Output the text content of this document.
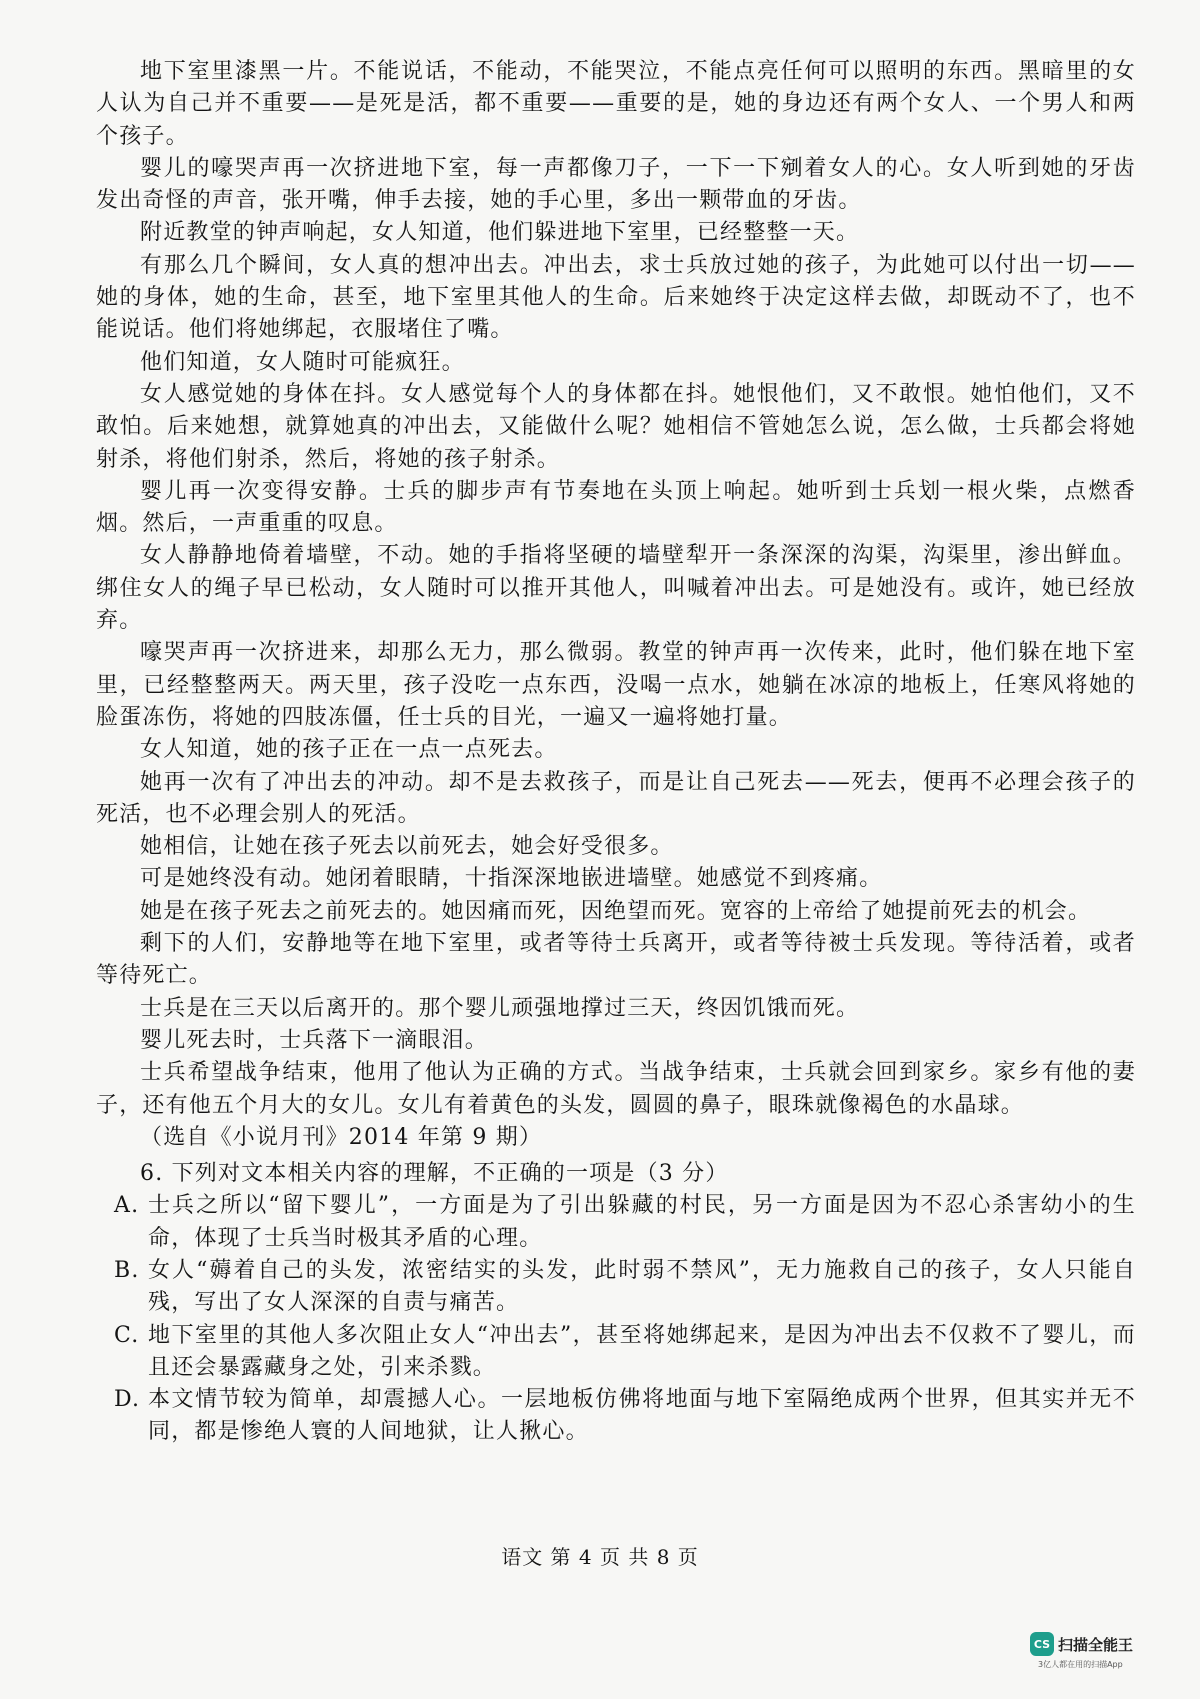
地下室里漆黑一片。不能说话，不能动，不能哭泣，不能点亮任何可以照明的东西。黑暗里的女人认为自己并不重要——是死是活，都不重要——重要的是，她的身边还有两个女人、一个男人和两个孩子。

婴儿的嚎哭声再一次挤进地下室，每一声都像刀子，一下一下剜着女人的心。女人听到她的牙齿发出奇怪的声音，张开嘴，伸手去接，她的手心里，多出一颗带血的牙齿。

附近教堂的钟声响起，女人知道，他们躲进地下室里，已经整整一天。

有那么几个瞬间，女人真的想冲出去。冲出去，求士兵放过她的孩子，为此她可以付出一切——她的身体，她的生命，甚至，地下室里其他人的生命。后来她终于决定这样去做，却既动不了，也不能说话。他们将她绑起，衣服堵住了嘴。

他们知道，女人随时可能疯狂。

女人感觉她的身体在抖。女人感觉每个人的身体都在抖。她恨他们，又不敢恨。她怕他们，又不敢怕。后来她想，就算她真的冲出去，又能做什么呢？她相信不管她怎么说，怎么做，士兵都会将她射杀，将他们射杀，然后，将她的孩子射杀。

婴儿再一次变得安静。士兵的脚步声有节奏地在头顶上响起。她听到士兵划一根火柴，点燃香烟。然后，一声重重的叹息。

女人静静地倚着墙壁，不动。她的手指将坚硬的墙壁犁开一条深深的沟渠，沟渠里，渗出鲜血。绑住女人的绳子早已松动，女人随时可以推开其他人，叫喊着冲出去。可是她没有。或许，她已经放弃。

嚎哭声再一次挤进来，却那么无力，那么微弱。教堂的钟声再一次传来，此时，他们躲在地下室里，已经整整两天。两天里，孩子没吃一点东西，没喝一点水，她躺在冰凉的地板上，任寒风将她的脸蛋冻伤，将她的四肢冻僵，任士兵的目光，一遍又一遍将她打量。

女人知道，她的孩子正在一点一点死去。

她再一次有了冲出去的冲动。却不是去救孩子，而是让自己死去——死去，便再不必理会孩子的死活，也不必理会别人的死活。

她相信，让她在孩子死去以前死去，她会好受很多。

可是她终没有动。她闭着眼睛，十指深深地嵌进墙壁。她感觉不到疼痛。

她是在孩子死去之前死去的。她因痛而死，因绝望而死。宽容的上帝给了她提前死去的机会。

剩下的人们，安静地等在地下室里，或者等待士兵离开，或者等待被士兵发现。等待活着，或者等待死亡。

士兵是在三天以后离开的。那个婴儿顽强地撑过三天，终因饥饿而死。

婴儿死去时，士兵落下一滴眼泪。

士兵希望战争结束，他用了他认为正确的方式。当战争结束，士兵就会回到家乡。家乡有他的妻子，还有他五个月大的女儿。女儿有着黄色的头发，圆圆的鼻子，眼珠就像褐色的水晶球。

（选自《小说月刊》2014 年第 9 期）

6. 下列对文本相关内容的理解，不正确的一项是（3 分）

A. 士兵之所以“留下婴儿”，一方面是为了引出躲藏的村民，另一方面是因为不忍心杀害幼小的生命，体现了士兵当时极其矛盾的心理。
B. 女人“薅着自己的头发，浓密结实的头发，此时弱不禁风”，无力施救自己的孩子，女人只能自残，写出了女人深深的自责与痛苦。
C. 地下室里的其他人多次阻止女人“冲出去”，甚至将她绑起来，是因为冲出去不仅救不了婴儿，而且还会暴露藏身之处，引来杀戮。
D. 本文情节较为简单，却震撼人心。一层地板仿佛将地面与地下室隔绝成两个世界，但其实并无不同，都是惨绝人寰的人间地狱，让人揪心。
语文 第 4 页 共 8 页
CS 扫描全能王
3亿人都在用的扫描App
